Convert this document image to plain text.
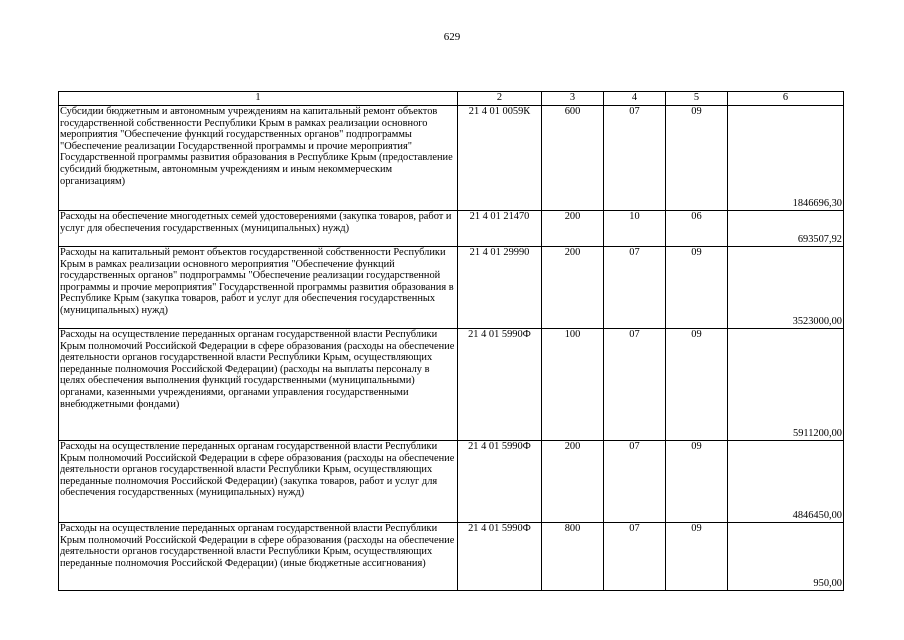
629
1	2	3	4	5	6
Субсидии бюджетным и автономным учреждениям на капитальный ремонт объектов государственной собственности Республики Крым в рамках реализации основного мероприятия "Обеспечение функций государственных органов" подпрограммы "Обеспечение реализации Государственной программы и прочие мероприятия" Государственной программы развития образования в Республике Крым (предоставление субсидий бюджетным, автономным учреждениям и иным некоммерческим организациям)	21 4 01 0059К	600	07	09	1846696,30
Расходы на обеспечение многодетных семей удостоверениями (закупка товаров, работ и услуг для обеспечения государственных (муниципальных) нужд)	21 4 01 21470	200	10	06	693507,92
Расходы на капитальный ремонт объектов государственной собственности Республики Крым в рамках реализации основного мероприятия "Обеспечение функций государственных органов" подпрограммы "Обеспечение реализации государственной программы и прочие мероприятия" Государственной программы развития образования в Республике Крым (закупка товаров, работ и услуг для обеспечения государственных (муниципальных) нужд)	21 4 01 29990	200	07	09	3523000,00
Расходы на осуществление переданных органам государственной власти Республики Крым полномочий Российской Федерации в сфере образования (расходы на обеспечение деятельности органов государственной власти Республики Крым, осуществляющих переданные полномочия Российской Федерации) (расходы на выплаты персоналу в целях обеспечения выполнения функций государственными (муниципальными) органами, казенными учреждениями, органами управления государственными внебюджетными фондами)	21 4 01 5990Ф	100	07	09	5911200,00
Расходы на осуществление переданных органам государственной власти Республики Крым полномочий Российской Федерации в сфере образования (расходы на обеспечение деятельности органов государственной власти Республики Крым, осуществляющих переданные полномочия Российской Федерации) (закупка товаров, работ и услуг для обеспечения государственных (муниципальных) нужд)	21 4 01 5990Ф	200	07	09	4846450,00
Расходы на осуществление переданных органам государственной власти Республики Крым полномочий Российской Федерации в сфере образования (расходы на обеспечение деятельности органов государственной власти Республики Крым, осуществляющих переданные полномочия Российской Федерации) (иные бюджетные ассигнования)	21 4 01 5990Ф	800	07	09	950,00
